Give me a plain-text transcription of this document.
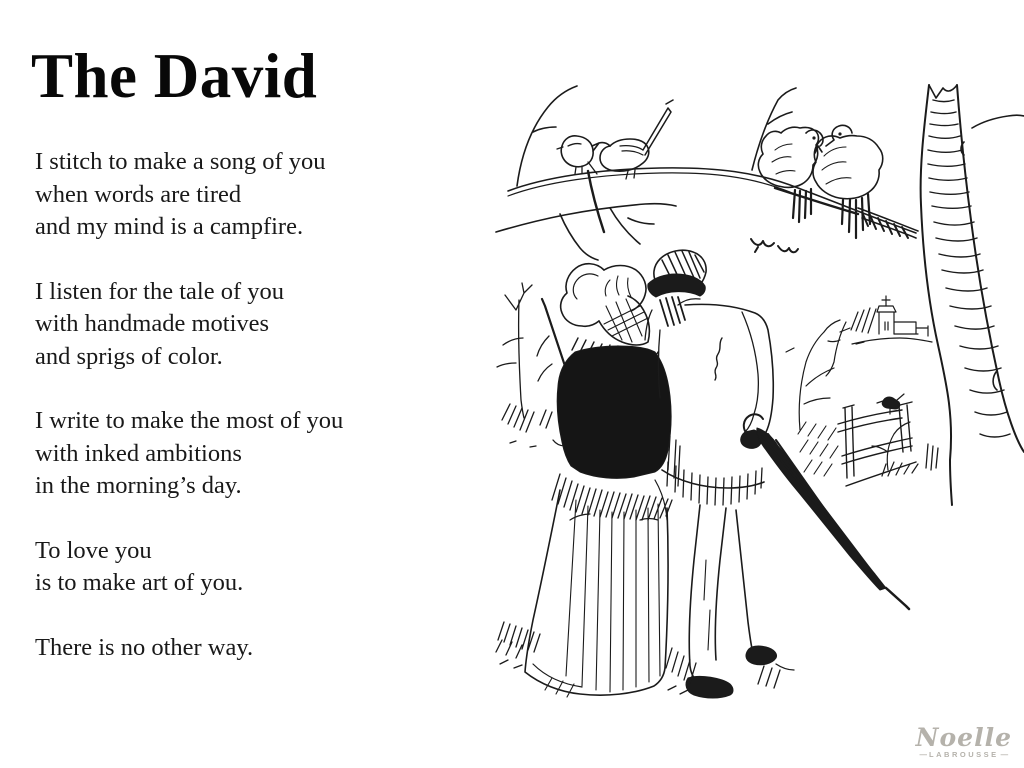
The David
I stitch to make a song of you
when words are tired
and my mind is a campfire.
I listen for the tale of you
with handmade motives
and sprigs of color.
I write to make the most of you
with inked ambitions
in the morning’s day.
To love you
is to make art of you.
There is no other way.
Noelle
— LABROUSSE —
